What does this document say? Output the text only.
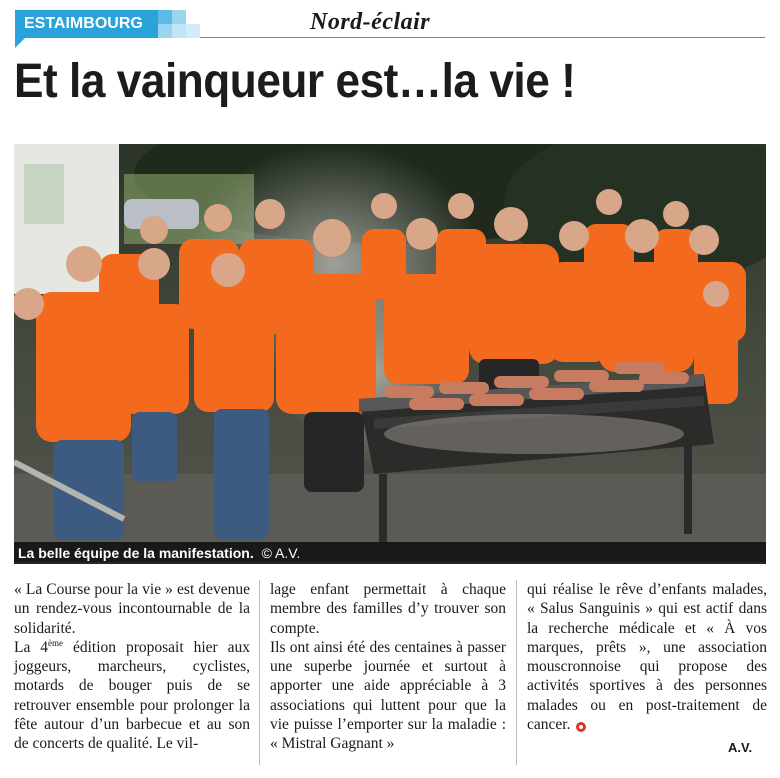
ESTAIMBOURG	Nord-éclair
Et la vainqueur est…la vie !
La belle équipe de la manifestation. © A.V.

« La Course pour la vie » est devenue un rendez-vous incontournable de la solidarité.

La 4ème édition proposait hier aux joggeurs, marcheurs, cyclistes, motards de bouger puis de se retrouver ensemble pour prolonger la fête autour d’un barbecue et au son de concerts de qualité. Le vil-

lage enfant permettait à chaque membre des familles d’y trouver son compte.

Ils ont ainsi été des centaines à passer une superbe journée et surtout à apporter une aide appréciable à 3 associations qui luttent pour que la vie puisse l’emporter sur la maladie : « Mistral Gagnant »

qui réalise le rêve d’enfants malades, « Salus Sanguinis » qui est actif dans la recherche médicale et « À vos marques, prêts », une association mouscronnoise qui propose des activités sportives à des personnes malades ou en post-traitement de cancer.

A.V.
